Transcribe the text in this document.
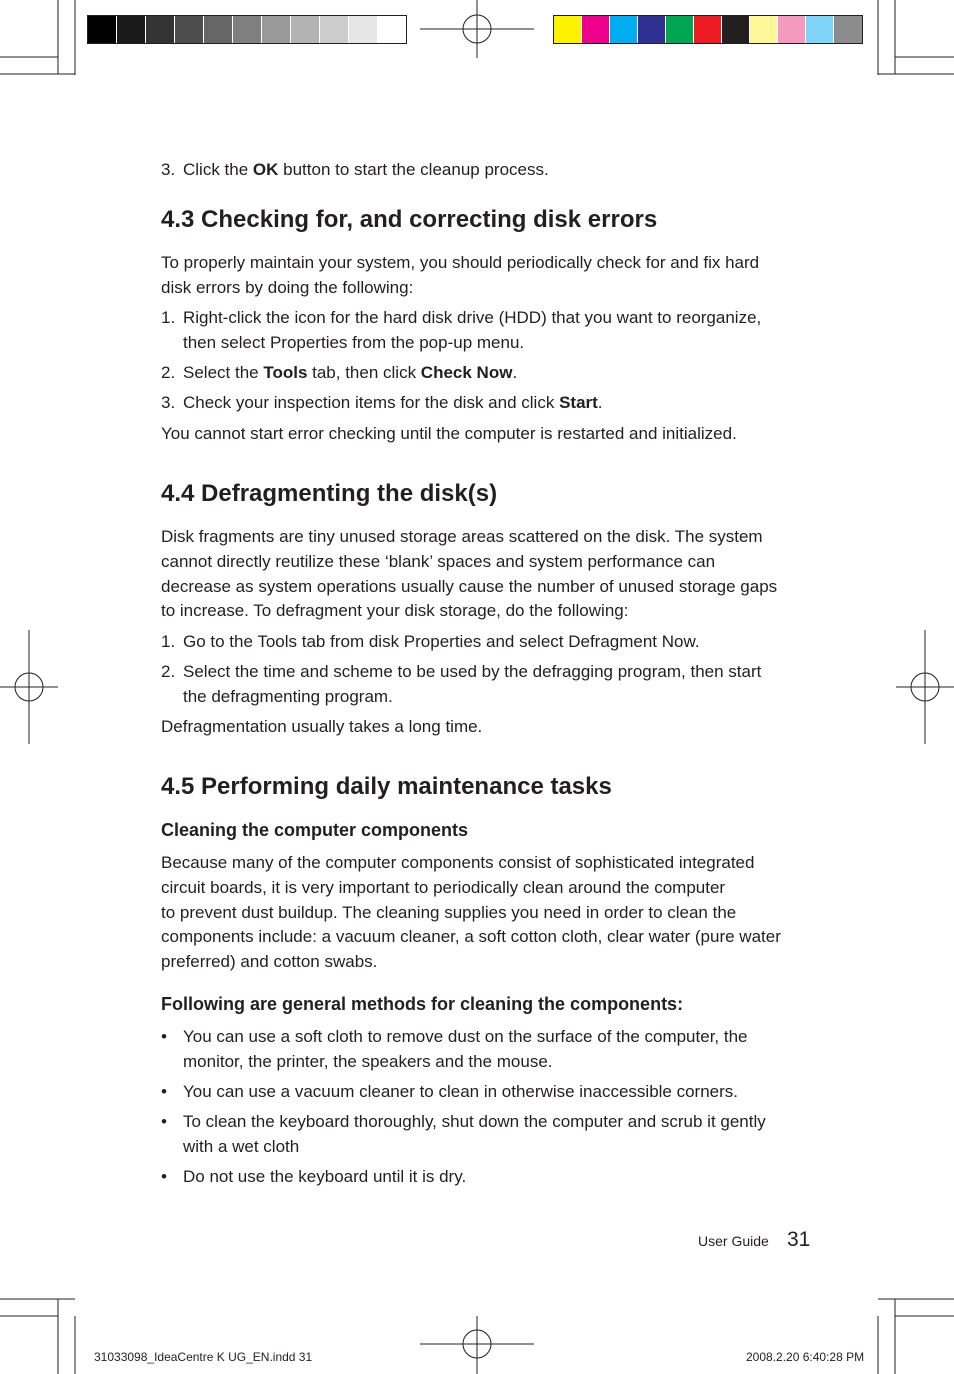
3. Click the OK button to start the cleanup process.
4.3 Checking for, and correcting disk errors

To properly maintain your system, you should periodically check for and fix hard

disk errors by doing the following:

1. Right-click the icon for the hard disk drive (HDD) that you want to reorganize,
then select Properties from the pop-up menu.
2. Select the Tools tab, then click Check Now.
3. Check your inspection items for the disk and click Start.

You cannot start error checking until the computer is restarted and initialized.

4.4 Defragmenting the disk(s)

Disk fragments are tiny unused storage areas scattered on the disk. The system

cannot directly reutilize these ‘blank’ spaces and system performance can

decrease as system operations usually cause the number of unused storage gaps

to increase. To defragment your disk storage, do the following:

1. Go to the Tools tab from disk Properties and select Defragment Now.
2. Select the time and scheme to be used by the defragging program, then start
the defragmenting program.

Defragmentation usually takes a long time.

4.5 Performing daily maintenance tasks
Cleaning the computer components

Because many of the computer components consist of sophisticated integrated

circuit boards, it is very important to periodically clean around the computer

to prevent dust buildup. The cleaning supplies you need in order to clean the

components include: a vacuum cleaner, a soft cotton cloth, clear water (pure water

preferred) and cotton swabs.

Following are general methods for cleaning the components:
• You can use a soft cloth to remove dust on the surface of the computer, the
monitor, the printer, the speakers and the mouse.
• You can use a vacuum cleaner to clean in otherwise inaccessible corners.
• To clean the keyboard thoroughly, shut down the computer and scrub it gently
with a wet cloth
• Do not use the keyboard until it is dry.
User Guide 31
31033098_IdeaCentre K UG_EN.indd 31	2008.2.20 6:40:28 PM
